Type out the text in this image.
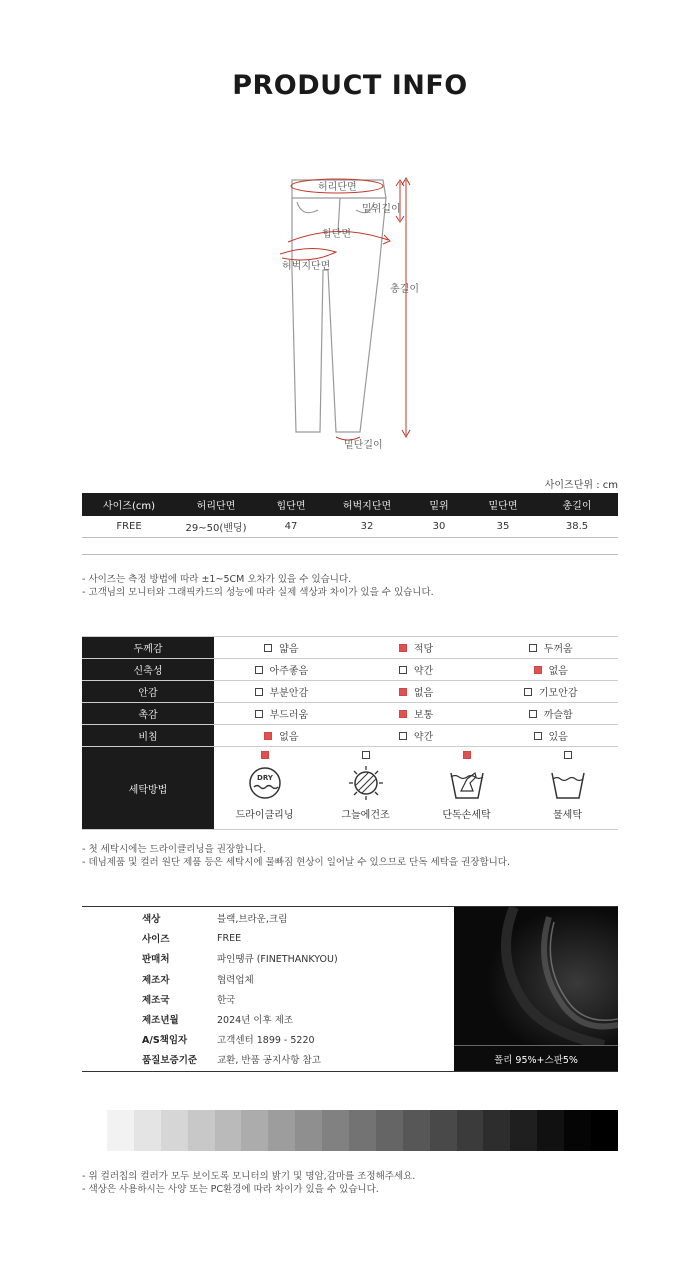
PRODUCT INFO
허리단면
밑위길이
힙단면
허벅지단면
총길이
밑단길이
사이즈단위 : cm
사이즈(cm)	허리단면	힙단면	허벅지단면	밑위	밑단면	총길이
FREE	29~50(밴딩)	47	32	30	35	38.5
- 사이즈는 측정 방법에 따라 ±1~5CM 오차가 있을 수 있습니다.
- 고객님의 모니터와 그래픽카드의 성능에 따라 실제 색상과 차이가 있을 수 있습니다.
두께감	얇음	적당	두꺼움
신축성	아주좋음	약간	없음
안감	부분안감	없음	기모안감
촉감	부드러움	보통	까슬함
비침	없음	약간	있음
세탁방법
DRY
드라이클리닝	그늘에건조	단독손세탁	물세탁
- 첫 세탁시에는 드라이클리닝을 권장합니다.
- 데님제품 및 컬러 원단 제품 등은 세탁시에 물빠짐 현상이 일어날 수 있으므로 단독 세탁을 권장합니다.
폴리 95%+스판5%
색상	블랙,브라운,크림
사이즈	FREE
판매처	파인땡큐 (FINETHANKYOU)
제조자	협력업체
제조국	한국
제조년월	2024년 이후 제조
A/S책임자	고객센터 1899 - 5220
품질보증기준	교환, 반품 공지사항 참고
- 위 컬러칩의 컬러가 모두 보이도록 모니터의 밝기 및 명암,감마를 조정해주세요.
- 색상은 사용하시는 사양 또는 PC환경에 따라 차이가 있을 수 있습니다.
